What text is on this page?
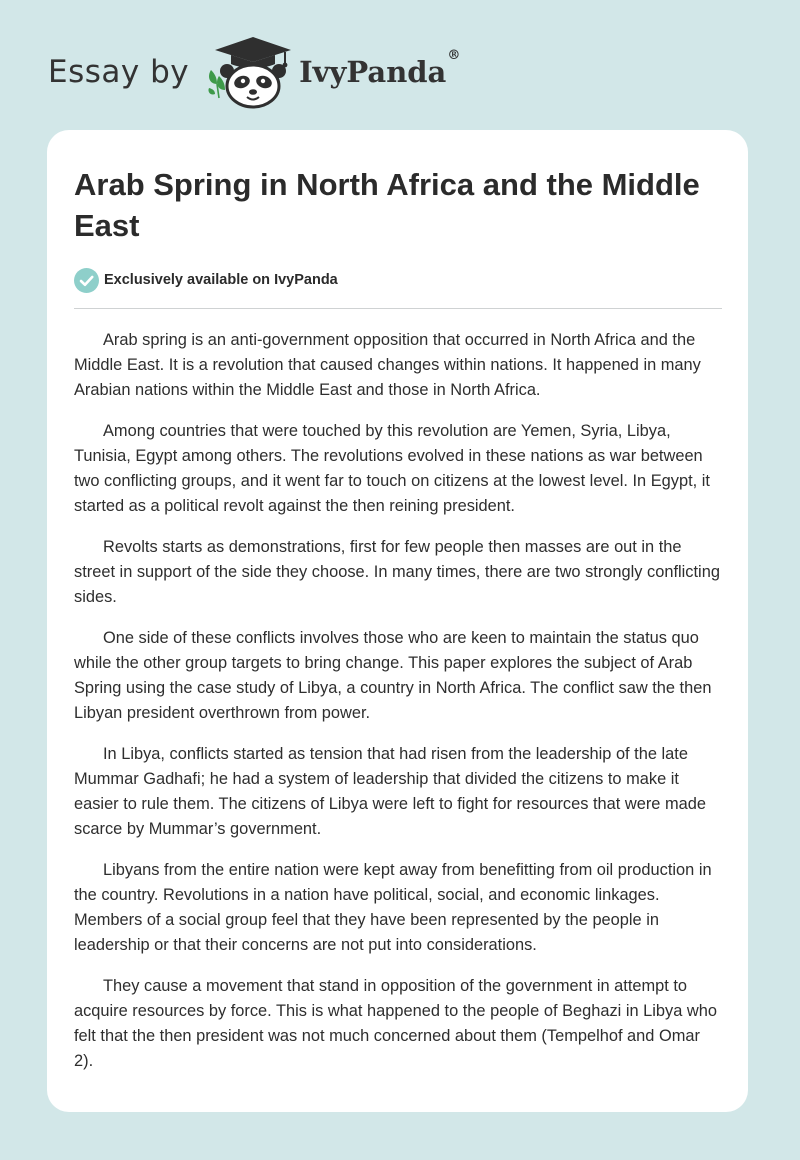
Essay by	IvyPanda®
Arab Spring in North Africa and the Middle East
Exclusively available on IvyPanda

Arab spring is an anti-government opposition that occurred in North Africa and the Middle East. It is a revolution that caused changes within nations. It happened in many Arabian nations within the Middle East and those in North Africa.

Among countries that were touched by this revolution are Yemen, Syria, Libya, Tunisia, Egypt among others. The revolutions evolved in these nations as war between two conflicting groups, and it went far to touch on citizens at the lowest level. In Egypt, it started as a political revolt against the then reining president.

Revolts starts as demonstrations, first for few people then masses are out in the street in support of the side they choose. In many times, there are two strongly conflicting sides.

One side of these conflicts involves those who are keen to maintain the status quo while the other group targets to bring change. This paper explores the subject of Arab Spring using the case study of Libya, a country in North Africa. The conflict saw the then Libyan president overthrown from power.

In Libya, conflicts started as tension that had risen from the leadership of the late Mummar Gadhafi; he had a system of leadership that divided the citizens to make it easier to rule them. The citizens of Libya were left to fight for resources that were made scarce by Mummar’s government.

Libyans from the entire nation were kept away from benefitting from oil production in the country. Revolutions in a nation have political, social, and economic linkages. Members of a social group feel that they have been represented by the people in leadership or that their concerns are not put into considerations.

They cause a movement that stand in opposition of the government in attempt to acquire resources by force. This is what happened to the people of Beghazi in Libya who felt that the then president was not much concerned about them (Tempelhof and Omar 2).
